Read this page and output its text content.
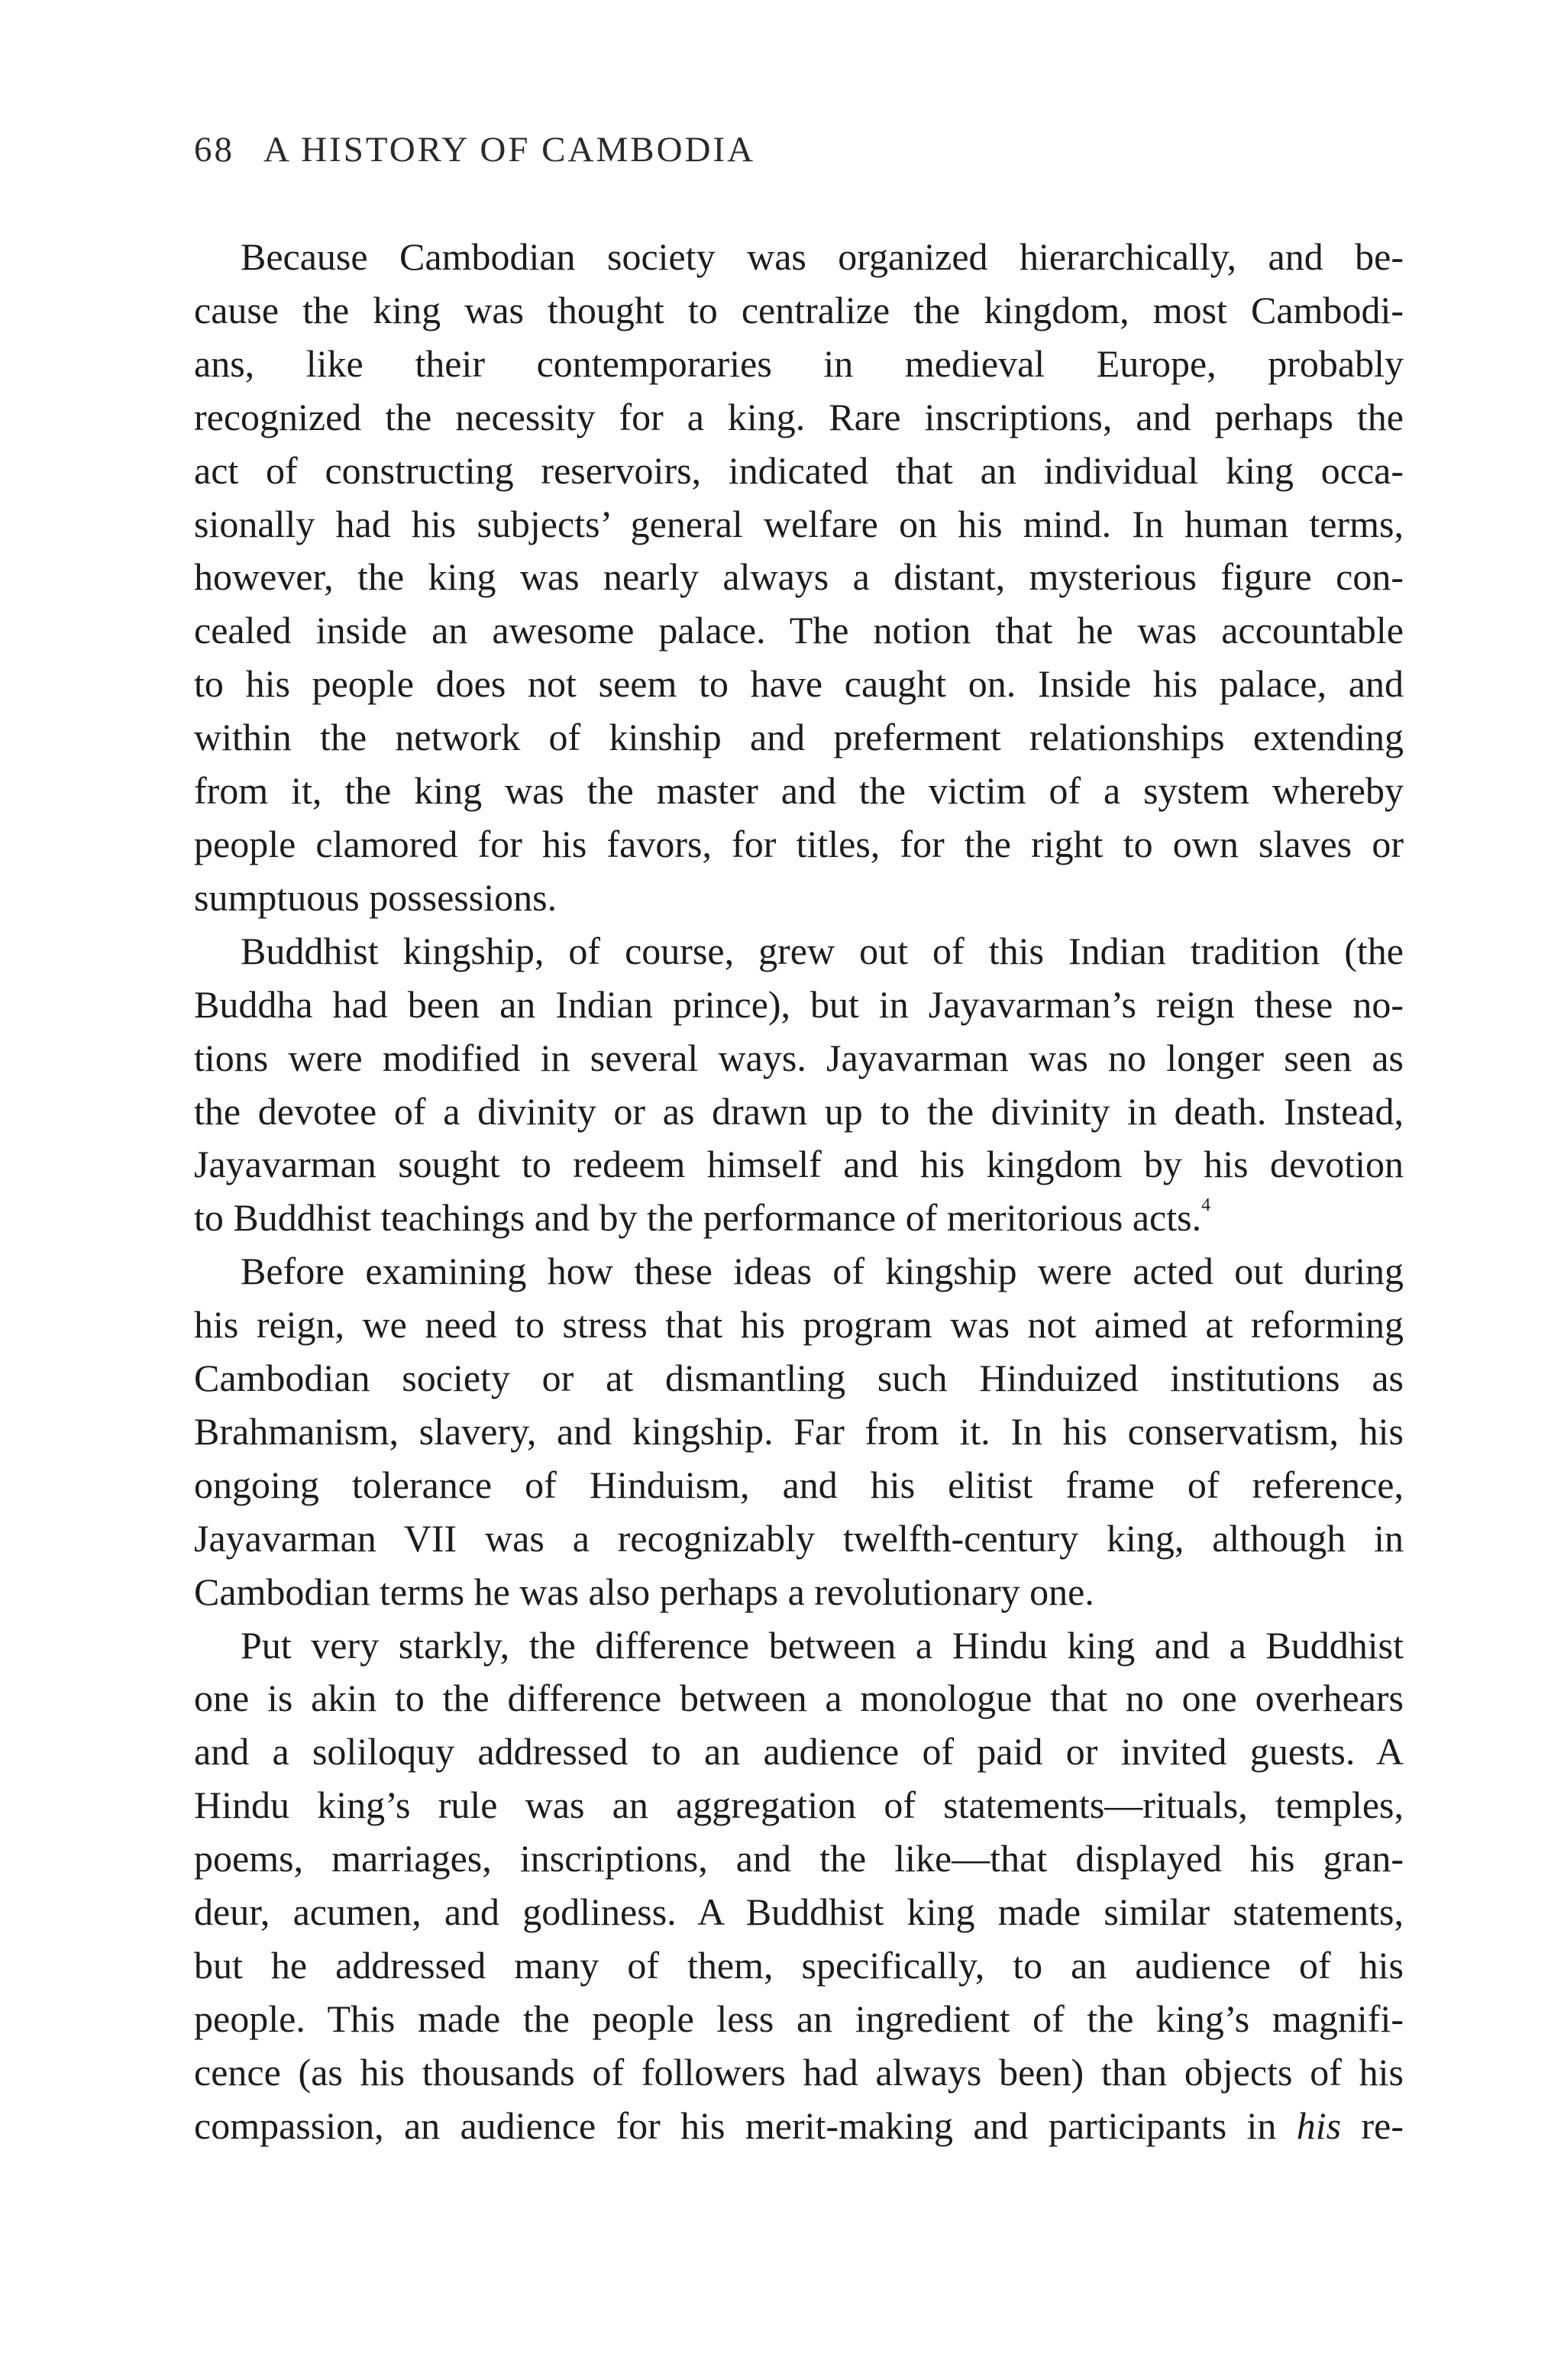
68 A HISTORY OF CAMBODIA
Because Cambodian society was organized hierarchically, and be-
cause the king was thought to centralize the kingdom, most Cambodi-
ans, like their contemporaries in medieval Europe, probably
recognized the necessity for a king. Rare inscriptions, and perhaps the
act of constructing reservoirs, indicated that an individual king occa-
sionally had his subjects’ general welfare on his mind. In human terms,
however, the king was nearly always a distant, mysterious figure con-
cealed inside an awesome palace. The notion that he was accountable
to his people does not seem to have caught on. Inside his palace, and
within the network of kinship and preferment relationships extending
from it, the king was the master and the victim of a system whereby
people clamored for his favors, for titles, for the right to own slaves or
sumptuous possessions.
Buddhist kingship, of course, grew out of this Indian tradition (the
Buddha had been an Indian prince), but in Jayavarman’s reign these no-
tions were modified in several ways. Jayavarman was no longer seen as
the devotee of a divinity or as drawn up to the divinity in death. Instead,
Jayavarman sought to redeem himself and his kingdom by his devotion
to Buddhist teachings and by the performance of meritorious acts.$^4$
Before examining how these ideas of kingship were acted out during
his reign, we need to stress that his program was not aimed at reforming
Cambodian society or at dismantling such Hinduized institutions as
Brahmanism, slavery, and kingship. Far from it. In his conservatism, his
ongoing tolerance of Hinduism, and his elitist frame of reference,
Jayavarman VII was a recognizably twelfth-century king, although in
Cambodian terms he was also perhaps a revolutionary one.
Put very starkly, the difference between a Hindu king and a Buddhist
one is akin to the difference between a monologue that no one overhears
and a soliloquy addressed to an audience of paid or invited guests. A
Hindu king’s rule was an aggregation of statements—rituals, temples,
poems, marriages, inscriptions, and the like—that displayed his gran-
deur, acumen, and godliness. A Buddhist king made similar statements,
but he addressed many of them, specifically, to an audience of his
people. This made the people less an ingredient of the king’s magnifi-
cence (as his thousands of followers had always been) than objects of his
compassion, an audience for his merit-making and participants in his re-
